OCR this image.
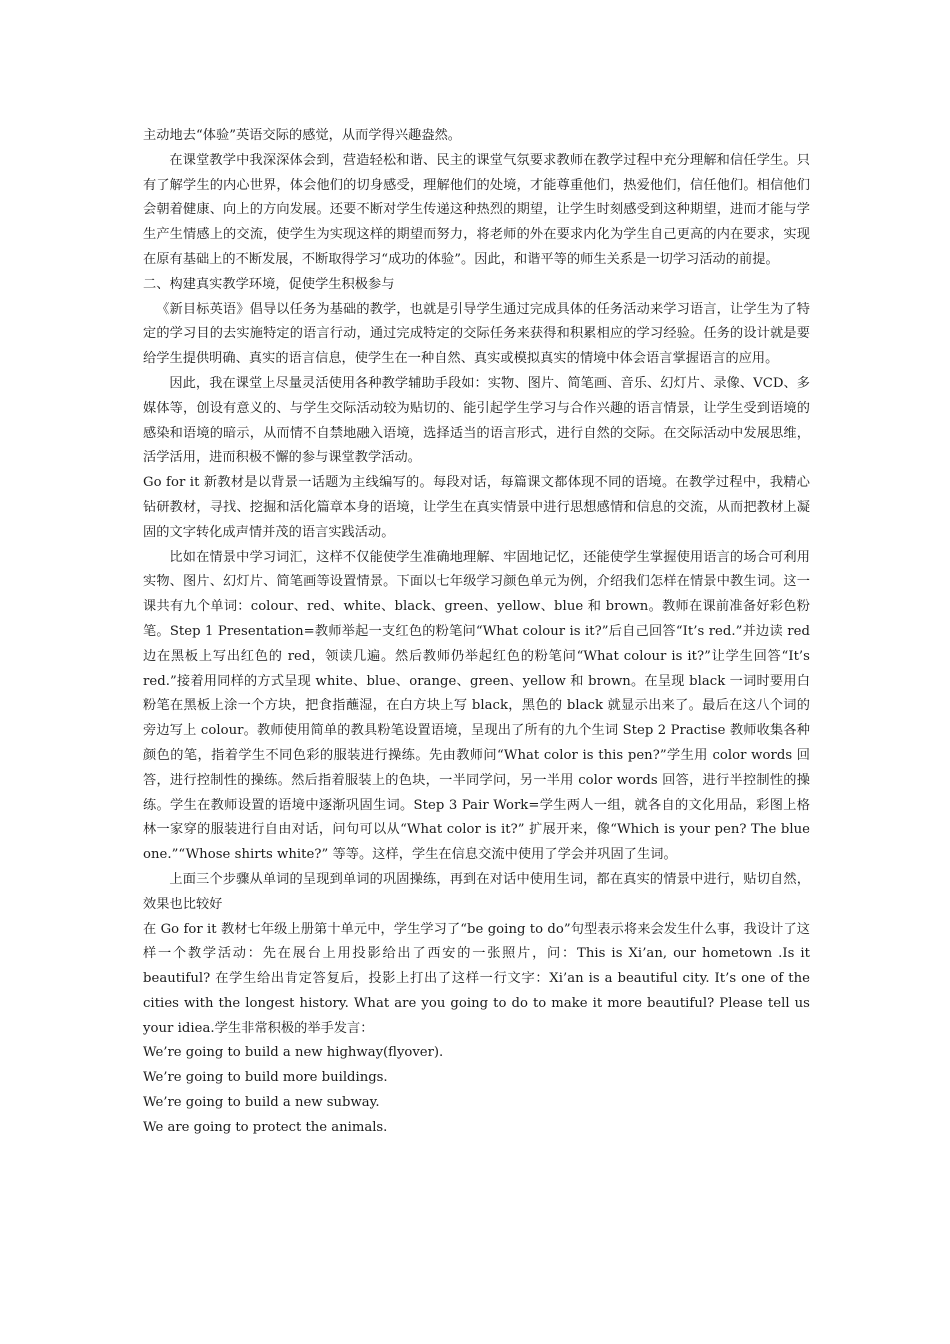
主动地去“体验”英语交际的感觉，从而学得兴趣盎然。

在课堂教学中我深深体会到，营造轻松和谐、民主的课堂气氛要求教师在教学过程中充分理解和信任学生。只有了解学生的内心世界，体会他们的切身感受，理解他们的处境，才能尊重他们，热爱他们，信任他们。相信他们会朝着健康、向上的方向发展。还要不断对学生传递这种热烈的期望，让学生时刻感受到这种期望，进而才能与学生产生情感上的交流，使学生为实现这样的期望而努力，将老师的外在要求内化为学生自己更高的内在要求，实现在原有基础上的不断发展，不断取得学习“成功的体验”。因此，和谐平等的师生关系是一切学习活动的前提。

二、构建真实教学环境，促使学生积极参与

《新目标英语》倡导以任务为基础的教学，也就是引导学生通过完成具体的任务活动来学习语言，让学生为了特定的学习目的去实施特定的语言行动，通过完成特定的交际任务来获得和积累相应的学习经验。任务的设计就是要给学生提供明确、真实的语言信息，使学生在一种自然、真实或模拟真实的情境中体会语言掌握语言的应用。

因此，我在课堂上尽量灵活使用各种教学辅助手段如：实物、图片、简笔画、音乐、幻灯片、录像、VCD、多媒体等，创设有意义的、与学生交际活动较为贴切的、能引起学生学习与合作兴趣的语言情景，让学生受到语境的感染和语境的暗示，从而情不自禁地融入语境，选择适当的语言形式，进行自然的交际。在交际活动中发展思维，活学活用，进而积极不懈的参与课堂教学活动。

Go for it 新教材是以背景一话题为主线编写的。每段对话，每篇课文都体现不同的语境。在教学过程中，我精心钻研教材，寻找、挖掘和活化篇章本身的语境，让学生在真实情景中进行思想感情和信息的交流，从而把教材上凝固的文字转化成声情并茂的语言实践活动。

比如在情景中学习词汇，这样不仅能使学生准确地理解、牢固地记忆，还能使学生掌握使用语言的场合可利用实物、图片、幻灯片、简笔画等设置情景。下面以七年级学习颜色单元为例，介绍我们怎样在情景中教生词。这一课共有九个单词：colour、red、white、black、green、yellow、blue 和 brown。教师在课前准备好彩色粉笔。Step 1 Presentation=教师举起一支红色的粉笔问“What colour is it?”后自己回答“It’s red.”并边读 red 边在黑板上写出红色的 red，领读几遍。然后教师仍举起红色的粉笔问“What colour is it?”让学生回答“It’s red.”接着用同样的方式呈现 white、blue、orange、green、yellow 和 brown。在呈现 black 一词时要用白粉笔在黑板上涂一个方块，把食指蘸湿，在白方块上写 black，黑色的 black 就显示出来了。最后在这八个词的旁边写上 colour。教师使用简单的教具粉笔设置语境，呈现出了所有的九个生词 Step 2 Practise 教师收集各种颜色的笔，指着学生不同色彩的服装进行操练。先由教师问“What color is this pen?”学生用 color words 回答，进行控制性的操练。然后指着服装上的色块，一半同学问，另一半用 color words 回答，进行半控制性的操练。学生在教师设置的语境中逐渐巩固生词。Step 3 Pair Work=学生两人一组，就各自的文化用品，彩图上格林一家穿的服装进行自由对话，问句可以从“What color is it?” 扩展开来，像“Which is your pen? The blue one.”“Whose shirts white?” 等等。这样，学生在信息交流中使用了学会并巩固了生词。

上面三个步骤从单词的呈现到单词的巩固操练，再到在对话中使用生词，都在真实的情景中进行，贴切自然，效果也比较好

在 Go for it 教材七年级上册第十单元中，学生学习了“be going to do”句型表示将来会发生什么事，我设计了这样一个教学活动：先在展台上用投影给出了西安的一张照片，问：This is Xi’an, our hometown .Is it beautiful? 在学生给出肯定答复后，投影上打出了这样一行文字：Xi’an is a beautiful city. It’s one of the cities with the longest history. What are you going to do to make it more beautiful? Please tell us your idiea.学生非常积极的举手发言：

We’re going to build a new highway(flyover).
We’re going to build more buildings.
We’re going to build a new subway.
We are going to protect the animals.
